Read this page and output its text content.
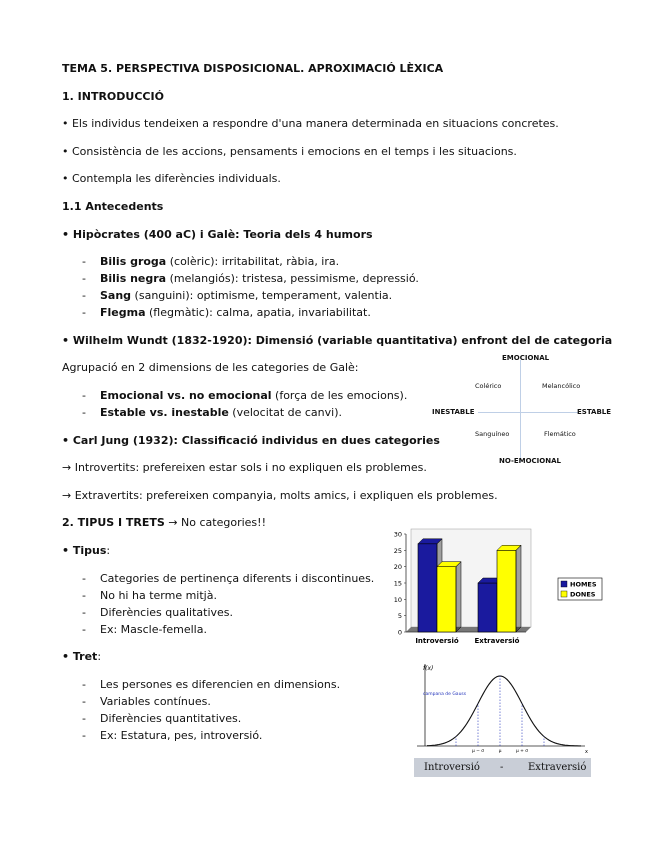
TEMA 5. PERSPECTIVA DISPOSICIONAL. APROXIMACIÓ LÈXICA
1. INTRODUCCIÓ
• Els individus tendeixen a respondre d'una manera determinada en situacions concretes.
• Consistència de les accions, pensaments i emocions en el temps i les situacions.
• Contempla les diferències individuals.
1.1 Antecedents
• Hipòcrates (400 aC) i Galè: Teoria dels 4 humors
- Bilis groga (colèric): irritabilitat, ràbia, ira.
- Bilis negra (melangiós): tristesa, pessimisme, depressió.
- Sang (sanguini): optimisme, temperament, valentia.
- Flegma (flegmàtic): calma, apatia, invariabilitat.
• Wilhelm Wundt (1832-1920): Dimensió (variable quantitativa) enfront del de categoria
Agrupació en 2 dimensions de les categories de Galè:
- Emocional vs. no emocional (força de les emocions).
- Estable vs. inestable (velocitat de canvi).
• Carl Jung (1932): Classificació individus en dues categories
→ Introvertits: prefereixen estar sols i no expliquen els problemes.
→ Extravertits: prefereixen companyia, molts amics, i expliquen els problemes.
EMOCIONAL
NO-EMOCIONAL
INESTABLE	ESTABLE
Colérico	Melancólico
Sanguíneo	Flemático
2. TIPUS I TRETS → No categories!!
• Tipus:
- Categories de pertinença diferents i discontinues.
- No hi ha terme mitjà.
- Diferències qualitatives.
- Ex: Mascle-femella.
• Tret:
- Les persones es diferencien en dimensions.
- Variables contínues.
- Diferències quantitatives.
- Ex: Estatura, pes, introversió.
0
5
10
15
20
25
30
Introversió Extraversió
HOMES
DONES
f(x)
campana de Gauss
μ − σ	μ	μ + σ	x
Introversió - Extraversió
